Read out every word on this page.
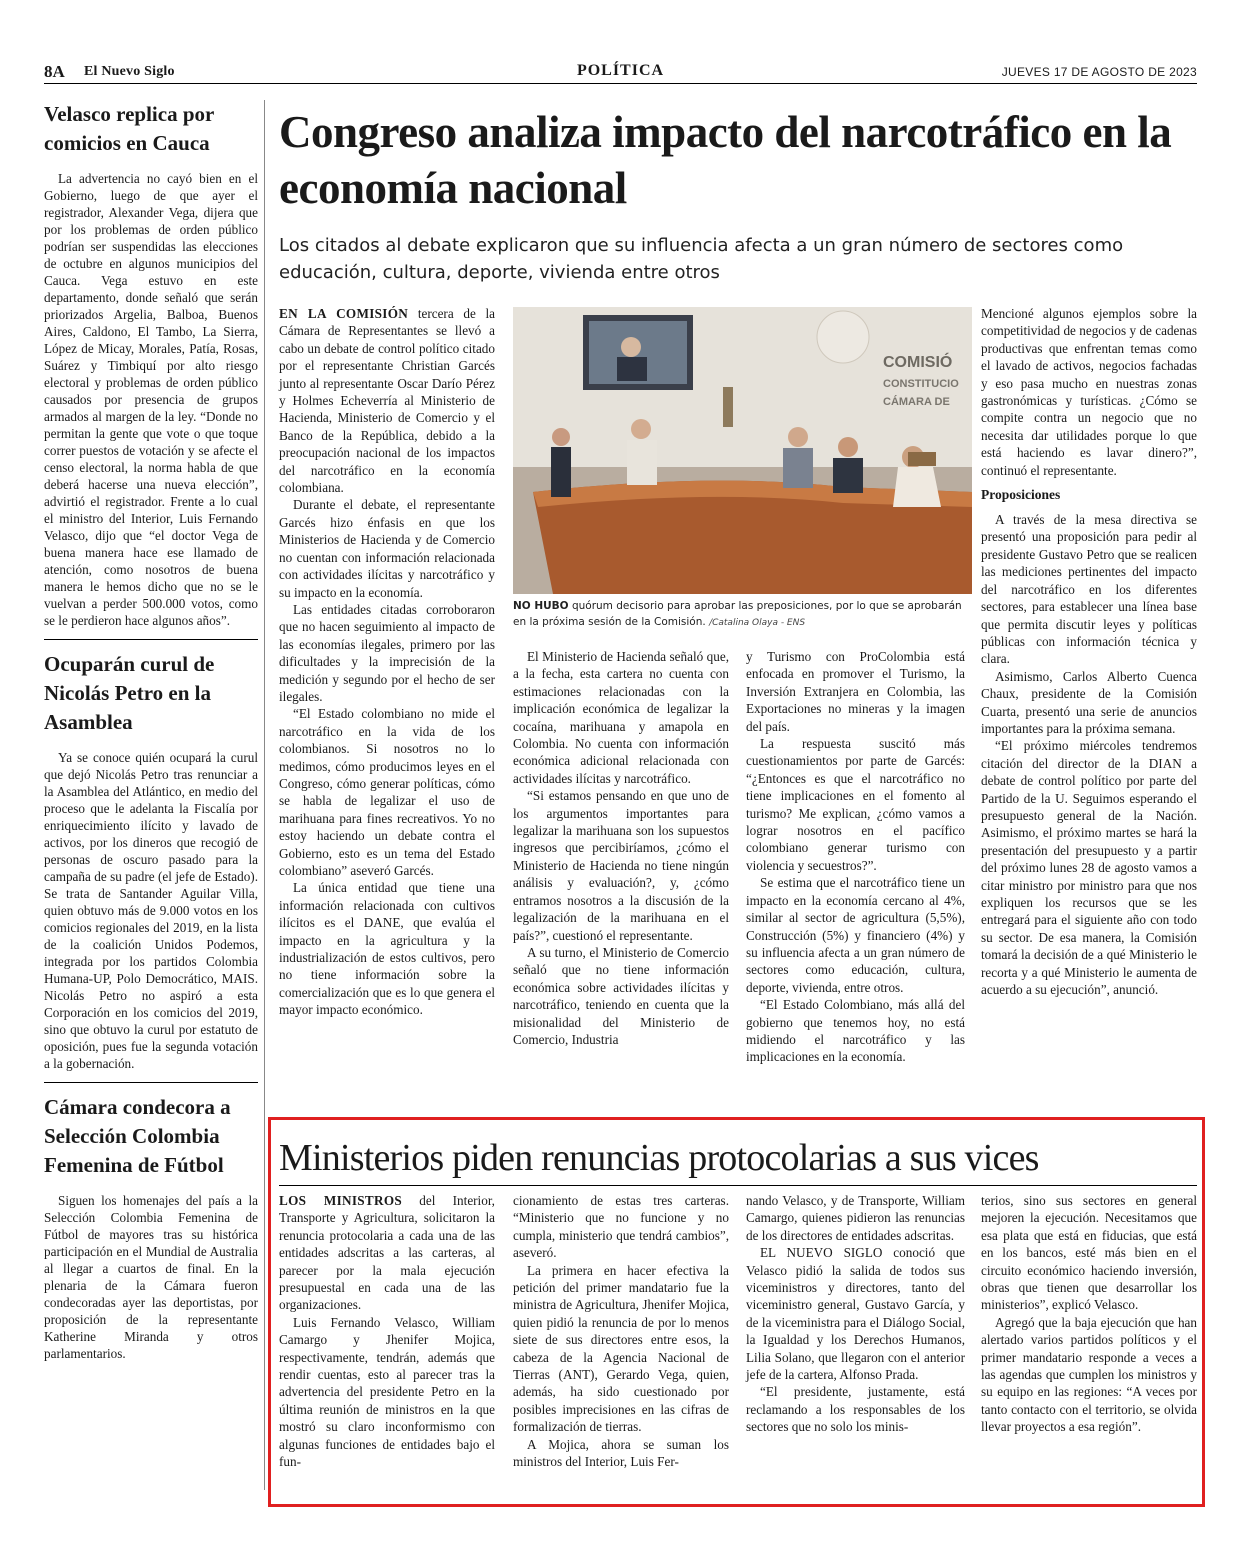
8A El Nuevo Siglo	POLÍTICA	JUEVES 17 DE AGOSTO DE 2023
Velasco replica por comicios en Cauca

La advertencia no cayó bien en el Gobierno, luego de que ayer el registrador, Alexander Vega, dijera que por los problemas de orden público podrían ser suspendidas las elecciones de octubre en algunos municipios del Cauca. Vega estuvo en este departamento, donde señaló que serán priorizados Argelia, Balboa, Buenos Aires, Caldono, El Tambo, La Sierra, López de Micay, Morales, Patía, Rosas, Suárez y Timbiquí por alto riesgo electoral y problemas de orden público causados por presencia de grupos armados al margen de la ley. “Donde no permitan la gente que vote o que toque correr puestos de votación y se afecte el censo electoral, la norma habla de que deberá hacerse una nueva elección”, advirtió el registrador. Frente a lo cual el ministro del Interior, Luis Fernando Velasco, dijo que “el doctor Vega de buena manera hace ese llamado de atención, como nosotros de buena manera le hemos dicho que no se le vuelvan a perder 500.000 votos, como se le perdieron hace algunos años”.

Ocuparán curul de Nicolás Petro en la Asamblea

Ya se conoce quién ocupará la curul que dejó Nicolás Petro tras renunciar a la Asamblea del Atlántico, en medio del proceso que le adelanta la Fiscalía por enriquecimiento ilícito y lavado de activos, por los dineros que recogió de personas de oscuro pasado para la campaña de su padre (el jefe de Estado). Se trata de Santander Aguilar Villa, quien obtuvo más de 9.000 votos en los comicios regionales del 2019, en la lista de la coalición Unidos Podemos, integrada por los partidos Colombia Humana-UP, Polo Democrático, MAIS. Nicolás Petro no aspiró a esta Corporación en los comicios del 2019, sino que obtuvo la curul por estatuto de oposición, pues fue la segunda votación a la gobernación.

Cámara condecora a Selección Colombia Femenina de Fútbol

Siguen los homenajes del país a la Selección Colombia Femenina de Fútbol de mayores tras su histórica participación en el Mundial de Australia al llegar a cuartos de final. En la plenaria de la Cámara fueron condecoradas ayer las deportistas, por proposición de la representante Katherine Miranda y otros parlamentarios.

Congreso analiza impacto del narcotráfico en la economía nacional
Los citados al debate explicaron que su influencia afecta a un gran número de sectores como educación, cultura, deporte, vivienda entre otros

EN LA COMISIÓN tercera de la Cámara de Representantes se llevó a cabo un debate de control político citado por el representante Christian Garcés junto al representante Oscar Darío Pérez y Holmes Echeverría al Ministerio de Hacienda, Ministerio de Comercio y el Banco de la República, debido a la preocupación nacional de los impactos del narcotráfico en la economía colombiana.

Durante el debate, el representante Garcés hizo énfasis en que los Ministerios de Hacienda y de Comercio no cuentan con información relacionada con actividades ilícitas y narcotráfico y su impacto en la economía.

Las entidades citadas corroboraron que no hacen seguimiento al impacto de las economías ilegales, primero por las dificultades y la imprecisión de la medición y segundo por el hecho de ser ilegales.

“El Estado colombiano no mide el narcotráfico en la vida de los colombianos. Si nosotros no lo medimos, cómo producimos leyes en el Congreso, cómo generar políticas, cómo se habla de legalizar el uso de marihuana para fines recreativos. Yo no estoy haciendo un debate contra el Gobierno, esto es un tema del Estado colombiano” aseveró Garcés.

La única entidad que tiene una información relacionada con cultivos ilícitos es el DANE, que evalúa el impacto en la agricultura y la industrialización de estos cultivos, pero no tiene información sobre la comercialización que es lo que genera el mayor impacto económico.

COMISIÓ
CONSTITUCIO
CÁMARA DE
NO HUBO quórum decisorio para aprobar las preposiciones, por lo que se aprobarán en la próxima sesión de la Comisión. /Catalina Olaya - ENS

El Ministerio de Hacienda señaló que, a la fecha, esta cartera no cuenta con estimaciones relacionadas con la implicación económica de legalizar la cocaína, marihuana y amapola en Colombia. No cuenta con información económica adicional relacionada con actividades ilícitas y narcotráfico.

“Si estamos pensando en que uno de los argumentos importantes para legalizar la marihuana son los supuestos ingresos que percibiríamos, ¿cómo el Ministerio de Hacienda no tiene ningún análisis y evaluación?, y, ¿cómo entramos nosotros a la discusión de la legalización de la marihuana en el país?”, cuestionó el representante.

A su turno, el Ministerio de Comercio señaló que no tiene información económica sobre actividades ilícitas y narcotráfico, teniendo en cuenta que la misionalidad del Ministerio de Comercio, Industria

y Turismo con ProColombia está enfocada en promover el Turismo, la Inversión Extranjera en Colombia, las Exportaciones no mineras y la imagen del país.

La respuesta suscitó más cuestionamientos por parte de Garcés: “¿Entonces es que el narcotráfico no tiene implicaciones en el fomento al turismo? Me explican, ¿cómo vamos a lograr nosotros en el pacífico colombiano generar turismo con violencia y secuestros?”.

Se estima que el narcotráfico tiene un impacto en la economía cercano al 4%, similar al sector de agricultura (5,5%), Construcción (5%) y financiero (4%) y su influencia afecta a un gran número de sectores como educación, cultura, deporte, vivienda, entre otros.

“El Estado Colombiano, más allá del gobierno que tenemos hoy, no está midiendo el narcotráfico y las implicaciones en la economía.

Mencioné algunos ejemplos sobre la competitividad de negocios y de cadenas productivas que enfrentan temas como el lavado de activos, negocios fachadas y eso pasa mucho en nuestras zonas gastronómicas y turísticas. ¿Cómo se compite contra un negocio que no necesita dar utilidades porque lo que está haciendo es lavar dinero?”, continuó el representante.

Proposiciones

A través de la mesa directiva se presentó una proposición para pedir al presidente Gustavo Petro que se realicen las mediciones pertinentes del impacto del narcotráfico en los diferentes sectores, para establecer una línea base que permita discutir leyes y políticas públicas con información técnica y clara.

Asimismo, Carlos Alberto Cuenca Chaux, presidente de la Comisión Cuarta, presentó una serie de anuncios importantes para la próxima semana.

“El próximo miércoles tendremos citación del director de la DIAN a debate de control político por parte del Partido de la U. Seguimos esperando el presupuesto general de la Nación. Asimismo, el próximo martes se hará la presentación del presupuesto y a partir del próximo lunes 28 de agosto vamos a citar ministro por ministro para que nos expliquen los recursos que se les entregará para el siguiente año con todo su sector. De esa manera, la Comisión tomará la decisión de a qué Ministerio le recorta y a qué Ministerio le aumenta de acuerdo a su ejecución”, anunció.

Ministerios piden renuncias protocolarias a sus vices

LOS MINISTROS del Interior, Transporte y Agricultura, solicitaron la renuncia protocolaria a cada una de las entidades adscritas a las carteras, al parecer por la mala ejecución presupuestal en cada una de las organizaciones.

Luis Fernando Velasco, William Camargo y Jhenifer Mojica, respectivamente, tendrán, además que rendir cuentas, esto al parecer tras la advertencia del presidente Petro en la última reunión de ministros en la que mostró su claro inconformismo con algunas funciones de entidades bajo el fun-

cionamiento de estas tres carteras. “Ministerio que no funcione y no cumpla, ministerio que tendrá cambios”, aseveró.

La primera en hacer efectiva la petición del primer mandatario fue la ministra de Agricultura, Jhenifer Mojica, quien pidió la renuncia de por lo menos siete de sus directores entre esos, la cabeza de la Agencia Nacional de Tierras (ANT), Gerardo Vega, quien, además, ha sido cuestionado por posibles imprecisiones en las cifras de formalización de tierras.

A Mojica, ahora se suman los ministros del Interior, Luis Fer-

nando Velasco, y de Transporte, William Camargo, quienes pidieron las renuncias de los directores de entidades adscritas.

EL NUEVO SIGLO conoció que Velasco pidió la salida de todos sus viceministros y directores, tanto del viceministro general, Gustavo García, y de la viceministra para el Diálogo Social, la Igualdad y los Derechos Humanos, Lilia Solano, que llegaron con el anterior jefe de la cartera, Alfonso Prada.

“El presidente, justamente, está reclamando a los responsables de los sectores que no solo los minis-

terios, sino sus sectores en general mejoren la ejecución. Necesitamos que esa plata que está en fiducias, que está en los bancos, esté más bien en el circuito económico haciendo inversión, obras que tienen que desarrollar los ministerios”, explicó Velasco.

Agregó que la baja ejecución que han alertado varios partidos políticos y el primer mandatario responde a veces a las agendas que cumplen los ministros y su equipo en las regiones: “A veces por tanto contacto con el territorio, se olvida llevar proyectos a esa región”.
